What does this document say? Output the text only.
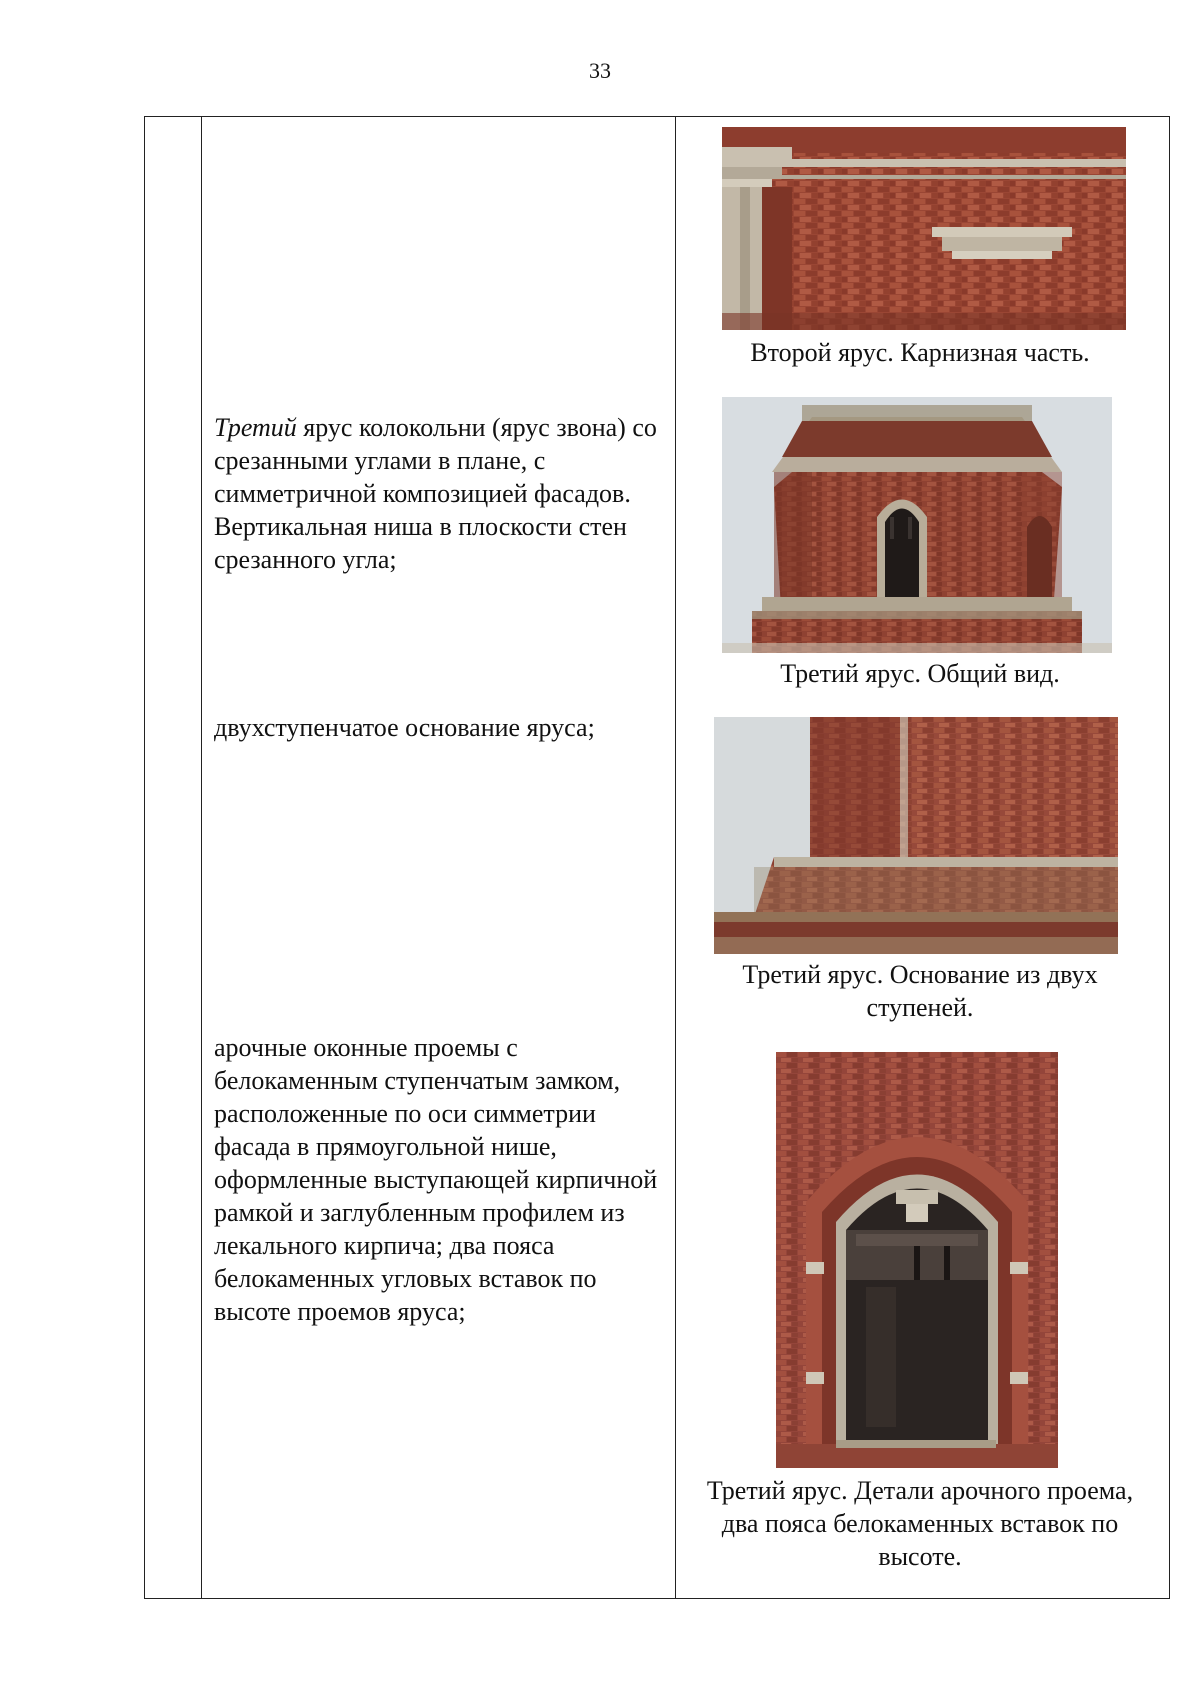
33
Второй ярус. Карнизная часть.
Третий ярус колокольни (ярус звона) со срезанными углами в плане, с симметричной композицией фасадов. Вертикальная ниша в плоскости стен срезанного угла;
Третий ярус. Общий вид.
двухступенчатое основание яруса;
Третий ярус. Основание из двух ступеней.
арочные оконные проемы с белокаменным ступенчатым замком, расположенные по оси симметрии фасада в прямоугольной нише, оформленные выступающей кирпичной рамкой и заглубленным профилем из лекального кирпича; два пояса белокаменных угловых вставок по высоте проемов яруса;
Третий ярус. Детали арочного проема, два пояса белокаменных вставок по высоте.
